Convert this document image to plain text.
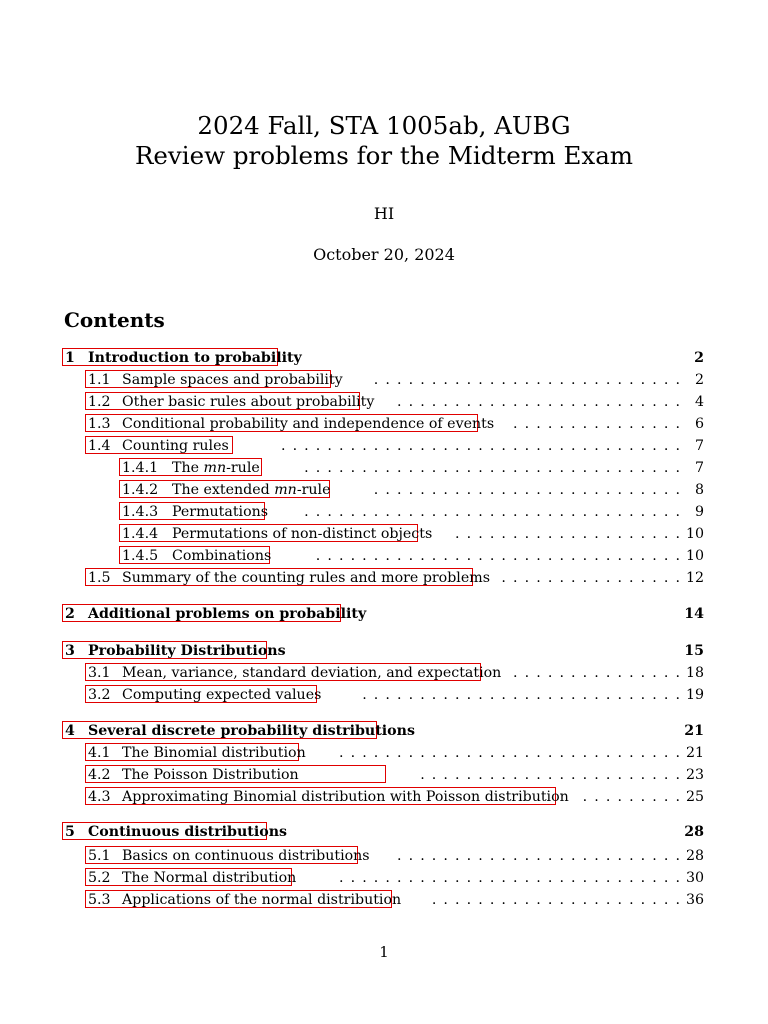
2024 Fall, STA 1005ab, AUBG
Review problems for the Midterm Exam
HI
October 20, 2024
Contents
1 Introduction to probability	2
1.1 Sample spaces and probability	. . . . . . . . . . . . . . . . . . . . . . . . . . .	2
1.2 Other basic rules about probability	. . . . . . . . . . . . . . . . . . . . . . . . .	4
1.3 Conditional probability and independence of events	. . . . . . . . . . . . . . .	6
1.4 Counting rules	. . . . . . . . . . . . . . . . . . . . . . . . . . . . . . . . . . .	7
1.4.1 The mn-rule	. . . . . . . . . . . . . . . . . . . . . . . . . . . . . . . . .	7
1.4.2 The extended mn-rule	. . . . . . . . . . . . . . . . . . . . . . . . . . .	8
1.4.3 Permutations	. . . . . . . . . . . . . . . . . . . . . . . . . . . . . . . . .	9
1.4.4 Permutations of non-distinct objects	. . . . . . . . . . . . . . . . . . . . 10
1.4.5 Combinations	. . . . . . . . . . . . . . . . . . . . . . . . . . . . . . . . 10
1.5 Summary of the counting rules and more problems . . . . . . . . . . . . . . . . 12
2 Additional problems on probability	14
3 Probability Distributions	15
3.1 Mean, variance, standard deviation, and expectation . . . . . . . . . . . . . . . 18
3.2 Computing expected values	. . . . . . . . . . . . . . . . . . . . . . . . . . . . 19
4 Several discrete probability distributions	21
4.1 The Binomial distribution	. . . . . . . . . . . . . . . . . . . . . . . . . . . . . . 21
4.2 The Poisson Distribution	. . . . . . . . . . . . . . . . . . . . . . . 23
4.3 Approximating Binomial distribution with Poisson distribution . . . . . . . . . 25
5 Continuous distributions	28
5.1 Basics on continuous distributions	. . . . . . . . . . . . . . . . . . . . . . . . . 28
5.2 The Normal distribution	. . . . . . . . . . . . . . . . . . . . . . . . . . . . . . 30
5.3 Applications of the normal distribution	. . . . . . . . . . . . . . . . . . . . . . 36
1
